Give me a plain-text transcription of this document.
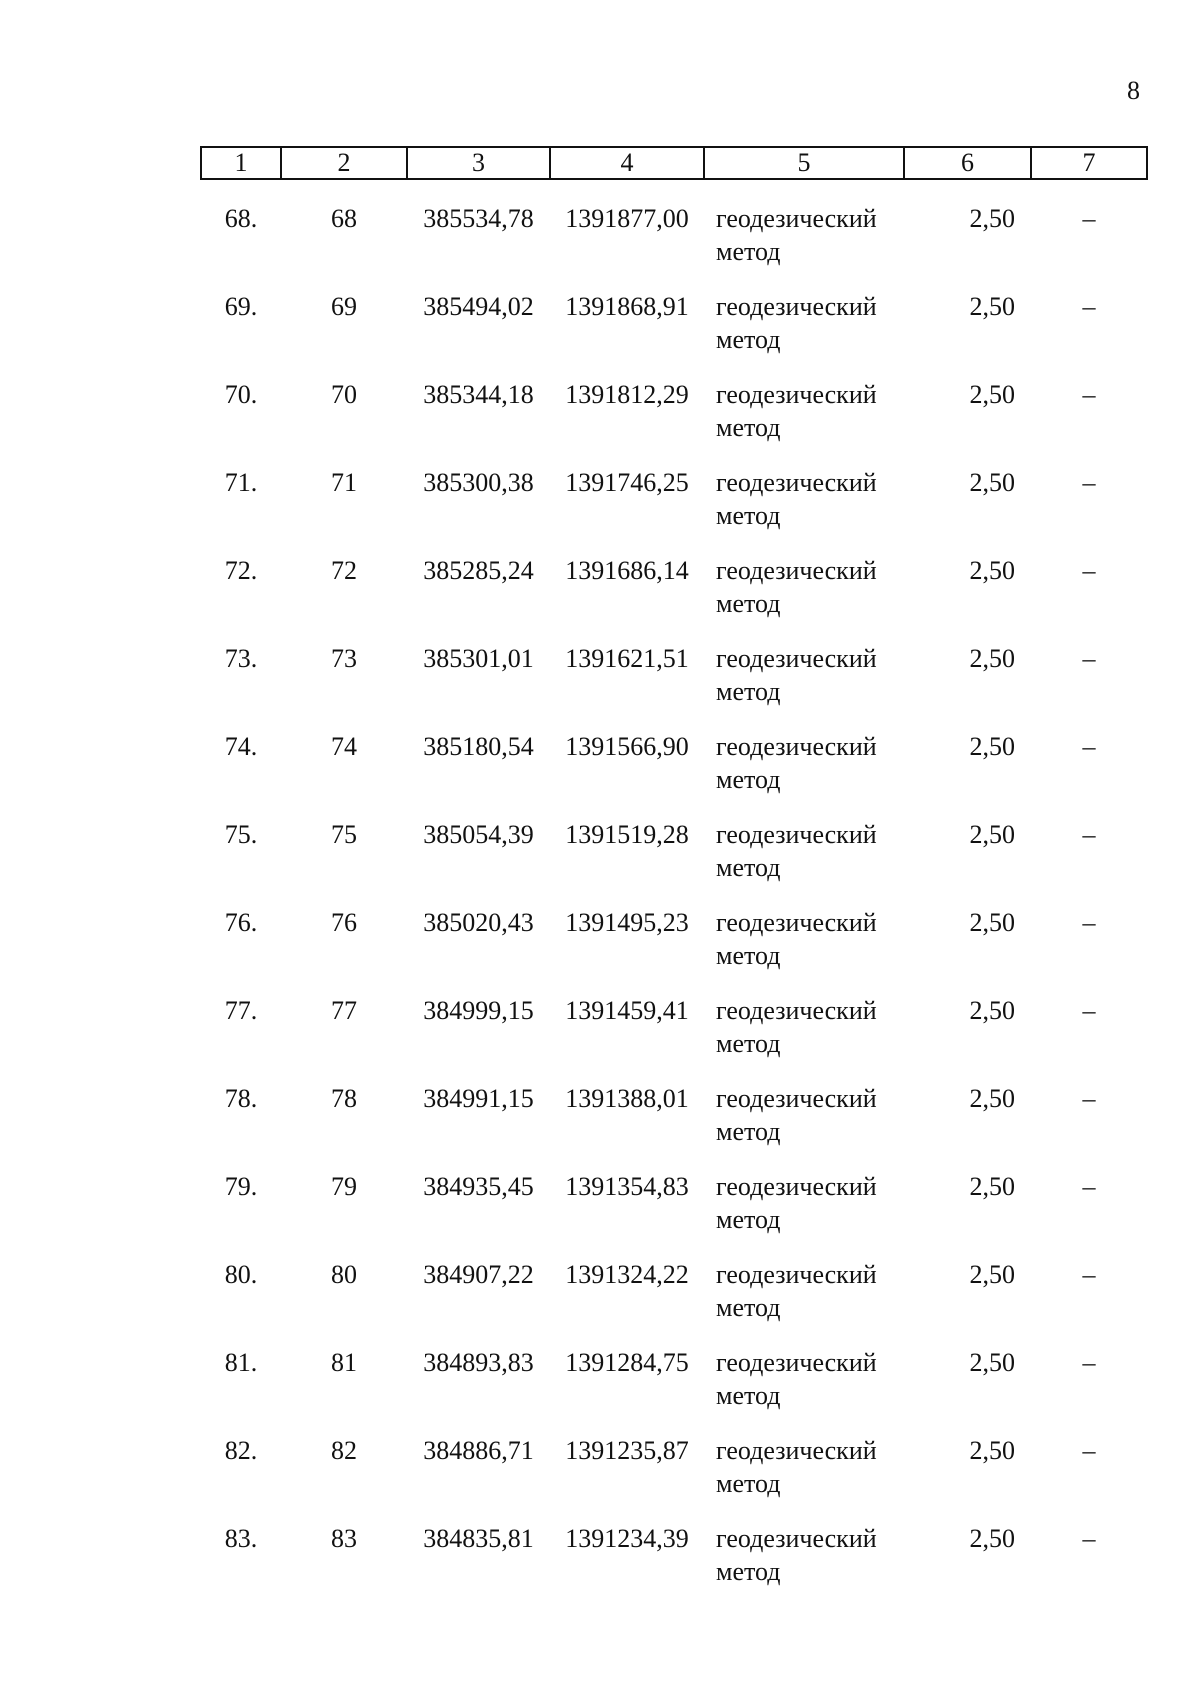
8
1	2	3	4	5	6	7
68.	68	385534,78	1391877,00	геодезический метод	2,50	–
69.	69	385494,02	1391868,91	геодезический метод	2,50	–
70.	70	385344,18	1391812,29	геодезический метод	2,50	–
71.	71	385300,38	1391746,25	геодезический метод	2,50	–
72.	72	385285,24	1391686,14	геодезический метод	2,50	–
73.	73	385301,01	1391621,51	геодезический метод	2,50	–
74.	74	385180,54	1391566,90	геодезический метод	2,50	–
75.	75	385054,39	1391519,28	геодезический метод	2,50	–
76.	76	385020,43	1391495,23	геодезический метод	2,50	–
77.	77	384999,15	1391459,41	геодезический метод	2,50	–
78.	78	384991,15	1391388,01	геодезический метод	2,50	–
79.	79	384935,45	1391354,83	геодезический метод	2,50	–
80.	80	384907,22	1391324,22	геодезический метод	2,50	–
81.	81	384893,83	1391284,75	геодезический метод	2,50	–
82.	82	384886,71	1391235,87	геодезический метод	2,50	–
83.	83	384835,81	1391234,39	геодезический метод	2,50	–
